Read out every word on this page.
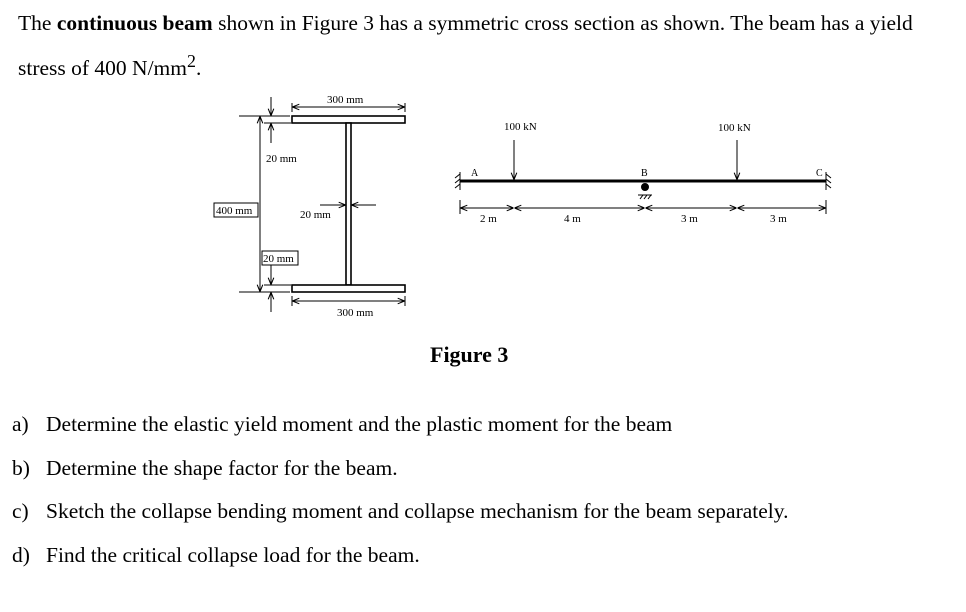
The continuous beam shown in Figure 3 has a symmetric cross section as shown. The beam has a yield stress of 400 $N/mm^2$.

300 mm
20 mm
400 mm	20 mm
20 mm
300 mm
100 kN	100 kN
A	B	C
2 m	4 m	3 m	3 m
Figure 3
a) Determine the elastic yield moment and the plastic moment for the beam
b) Determine the shape factor for the beam.
c) Sketch the collapse bending moment and collapse mechanism for the beam separately.
d) Find the critical collapse load for the beam.
